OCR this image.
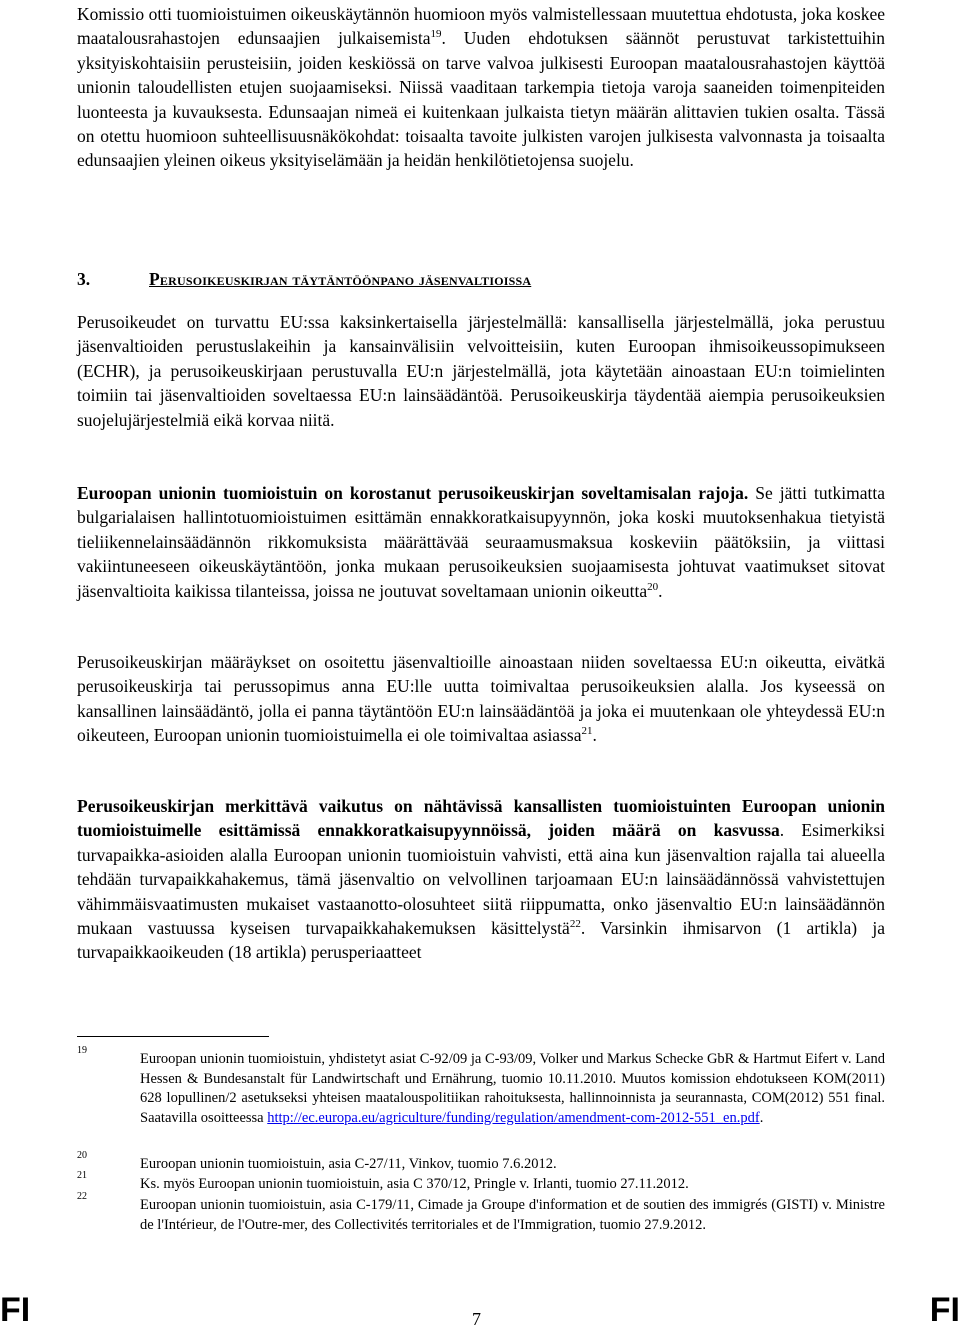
Komissio otti tuomioistuimen oikeuskäytännön huomioon myös valmistellessaan muutettua ehdotusta, joka koskee maatalousrahastojen edunsaajien julkaisemista$^{19}$. Uuden ehdotuksen säännöt perustuvat tarkistettuihin yksityiskohtaisiin perusteisiin, joiden keskiössä on tarve valvoa julkisesti Euroopan maatalousrahastojen käyttöä unionin taloudellisten etujen suojaamiseksi. Niissä vaaditaan tarkempia tietoja varoja saaneiden toimenpiteiden luonteesta ja kuvauksesta. Edunsaajan nimeä ei kuitenkaan julkaista tietyn määrän alittavien tukien osalta. Tässä on otettu huomioon suhteellisuusnäkökohdat: toisaalta tavoite julkisten varojen julkisesta valvonnasta ja toisaalta edunsaajien yleinen oikeus yksityiselämään ja heidän henkilötietojensa suojelu.

3.	Perusoikeuskirjan täytäntöönpano jäsenvaltioissa

Perusoikeudet on turvattu EU:ssa kaksinkertaisella järjestelmällä: kansallisella järjestelmällä, joka perustuu jäsenvaltioiden perustuslakeihin ja kansainvälisiin velvoitteisiin, kuten Euroopan ihmisoikeussopimukseen (ECHR), ja perusoikeuskirjaan perustuvalla EU:n järjestelmällä, jota käytetään ainoastaan EU:n toimielinten toimiin tai jäsenvaltioiden soveltaessa EU:n lainsäädäntöä. Perusoikeuskirja täydentää aiempia perusoikeuksien suojelujärjestelmiä eikä korvaa niitä.

Euroopan unionin tuomioistuin on korostanut perusoikeuskirjan soveltamisalan rajoja. Se jätti tutkimatta bulgarialaisen hallintotuomioistuimen esittämän ennakkoratkaisupyynnön, joka koski muutoksenhakua tietyistä tieliikennelainsäädännön rikkomuksista määrättävää seuraamusmaksua koskeviin päätöksiin, ja viittasi vakiintuneeseen oikeuskäytäntöön, jonka mukaan perusoikeuksien suojaamisesta johtuvat vaatimukset sitovat jäsenvaltioita kaikissa tilanteissa, joissa ne joutuvat soveltamaan unionin oikeutta$^{20}$.

Perusoikeuskirjan määräykset on osoitettu jäsenvaltioille ainoastaan niiden soveltaessa EU:n oikeutta, eivätkä perusoikeuskirja tai perussopimus anna EU:lle uutta toimivaltaa perusoikeuksien alalla. Jos kyseessä on kansallinen lainsäädäntö, jolla ei panna täytäntöön EU:n lainsäädäntöä ja joka ei muutenkaan ole yhteydessä EU:n oikeuteen, Euroopan unionin tuomioistuimella ei ole toimivaltaa asiassa$^{21}$.

Perusoikeuskirjan merkittävä vaikutus on nähtävissä kansallisten tuomioistuinten Euroopan unionin tuomioistuimelle esittämissä ennakkoratkaisupyynnöissä, joiden määrä on kasvussa. Esimerkiksi turvapaikka-asioiden alalla Euroopan unionin tuomioistuin vahvisti, että aina kun jäsenvaltion rajalla tai alueella tehdään turvapaikkahakemus, tämä jäsenvaltio on velvollinen tarjoamaan EU:n lainsäädännössä vahvistettujen vähimmäisvaatimusten mukaiset vastaanotto-olosuhteet siitä riippumatta, onko jäsenvaltio EU:n lainsäädännön mukaan vastuussa kyseisen turvapaikkahakemuksen käsittelystä$^{22}$. Varsinkin ihmisarvon (1 artikla) ja turvapaikkaoikeuden (18 artikla) perusperiaatteet

19
Euroopan unionin tuomioistuin, yhdistetyt asiat C-92/09 ja C-93/09, Volker und Markus Schecke GbR & Hartmut Eifert v. Land Hessen & Bundesanstalt für Landwirtschaft und Ernährung, tuomio 10.11.2010. Muutos komission ehdotukseen KOM(2011) 628 lopullinen/2 asetukseksi yhteisen maatalouspolitiikan rahoituksesta, hallinnoinnista ja seurannasta, COM(2012) 551 final. Saatavilla osoitteessa http://ec.europa.eu/agriculture/funding/regulation/amendment-com-2012-551_en.pdf.
20
Euroopan unionin tuomioistuin, asia C-27/11, Vinkov, tuomio 7.6.2012.
21
Ks. myös Euroopan unionin tuomioistuin, asia C 370/12, Pringle v. Irlanti, tuomio 27.11.2012.
22
Euroopan unionin tuomioistuin, asia C-179/11, Cimade ja Groupe d'information et de soutien des immigrés (GISTI) v. Ministre de l'Intérieur, de l'Outre-mer, des Collectivités territoriales et de l'Immigration, tuomio 27.9.2012.
FI	7	FI
